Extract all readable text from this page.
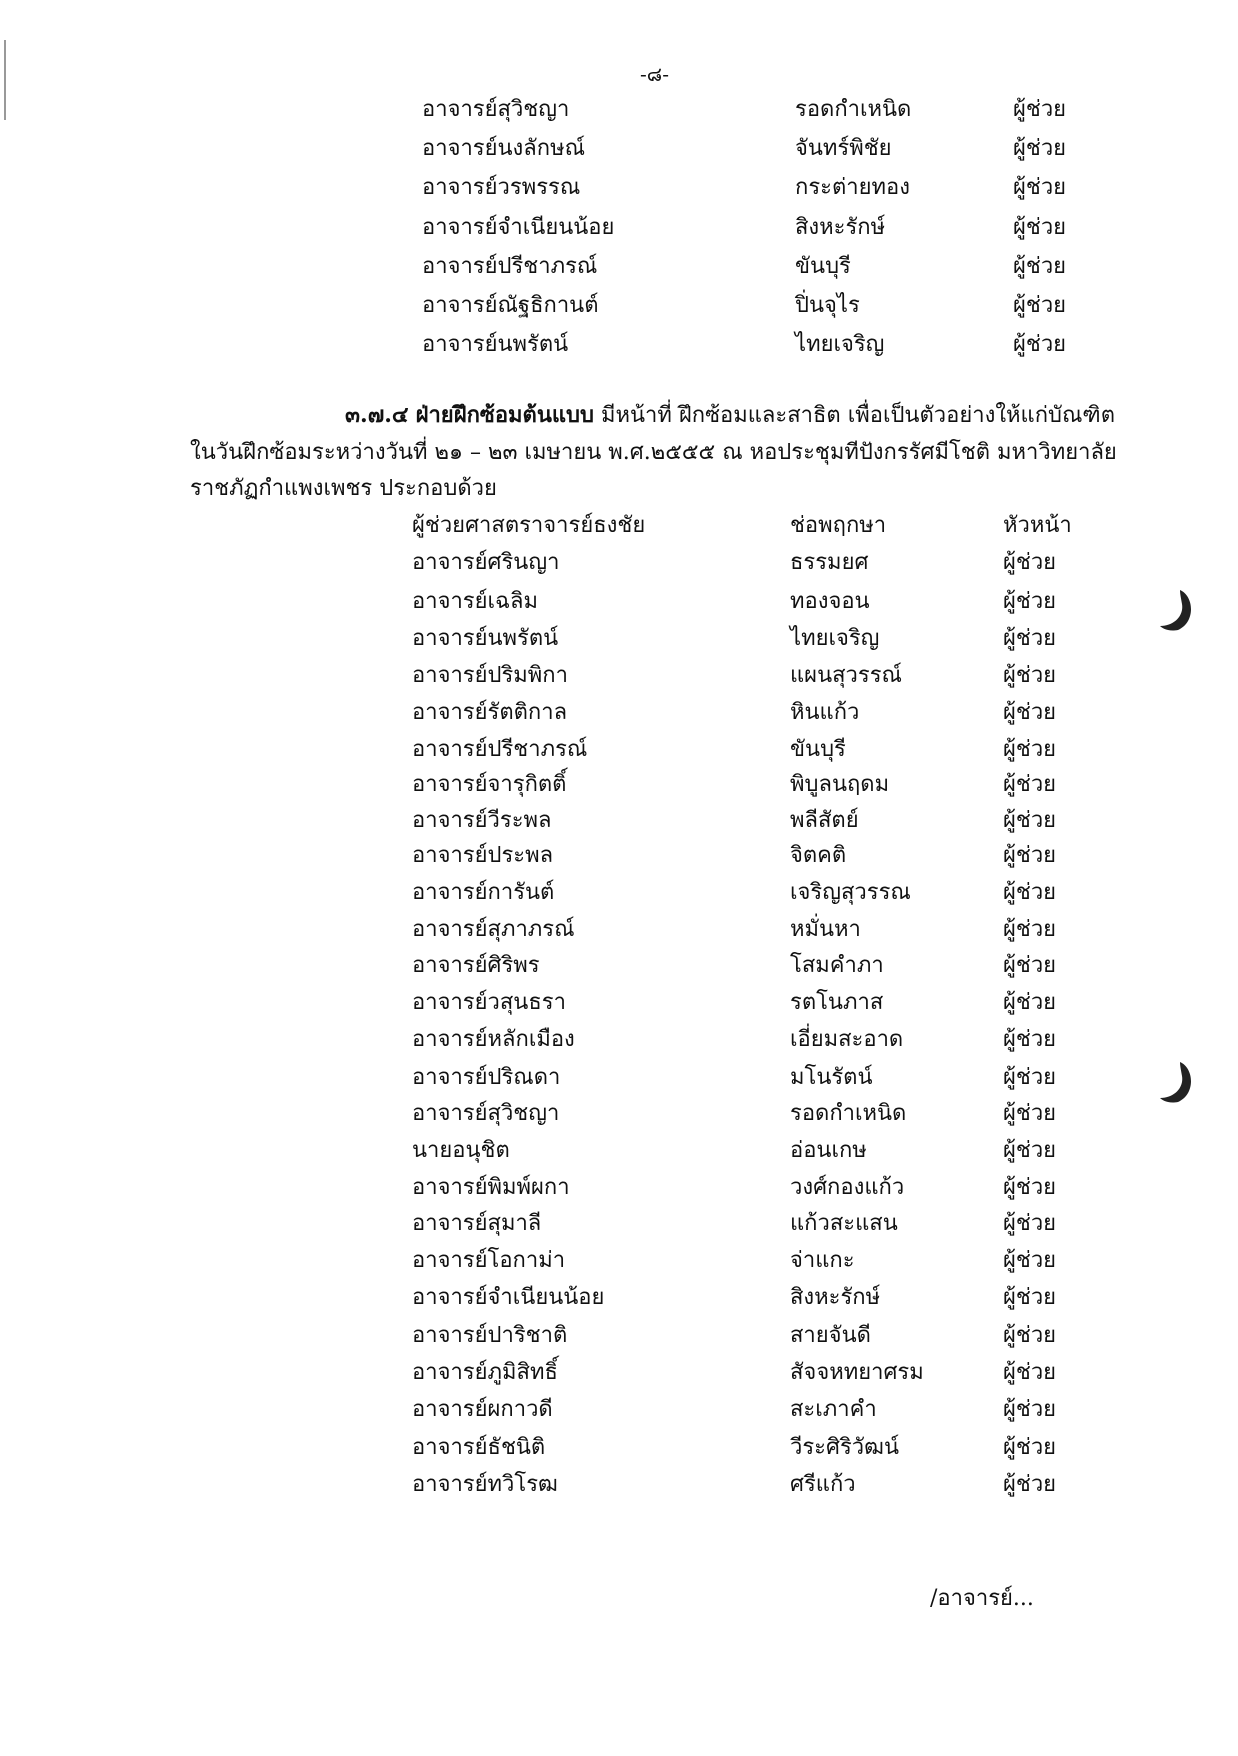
-๘-
อาจารย์สุวิชญา	รอดกำเหนิด	ผู้ช่วย
อาจารย์นงลักษณ์	จันทร์พิชัย	ผู้ช่วย
อาจารย์วรพรรณ	กระต่ายทอง	ผู้ช่วย
อาจารย์จำเนียนน้อย	สิงหะรักษ์	ผู้ช่วย
อาจารย์ปรีชาภรณ์	ขันบุรี	ผู้ช่วย
อาจารย์ณัฐธิกานต์	ปิ่นจุไร	ผู้ช่วย
อาจารย์นพรัตน์	ไทยเจริญ	ผู้ช่วย
๓.๗.๔ ฝ่ายฝึกซ้อมต้นแบบ มีหน้าที่ ฝึกซ้อมและสาธิต เพื่อเป็นตัวอย่างให้แก่บัณฑิต
ในวันฝึกซ้อมระหว่างวันที่ ๒๑ – ๒๓ เมษายน พ.ศ.๒๕๕๕ ณ หอประชุมทีปังกรรัศมีโชติ มหาวิทยาลัย
ราชภัฏกำแพงเพชร ประกอบด้วย
ผู้ช่วยศาสตราจารย์ธงชัย	ช่อพฤกษา	หัวหน้า
อาจารย์ศรินญา	ธรรมยศ	ผู้ช่วย
อาจารย์เฉลิม	ทองจอน	ผู้ช่วย
อาจารย์นพรัตน์	ไทยเจริญ	ผู้ช่วย
อาจารย์ปริมพิกา	แผนสุวรรณ์	ผู้ช่วย
อาจารย์รัตติกาล	หินแก้ว	ผู้ช่วย
อาจารย์ปรีชาภรณ์	ขันบุรี	ผู้ช่วย
อาจารย์จารุกิตติ์	พิบูลนฤดม	ผู้ช่วย
อาจารย์วีระพล	พลีสัตย์	ผู้ช่วย
อาจารย์ประพล	จิตคติ	ผู้ช่วย
อาจารย์การันต์	เจริญสุวรรณ	ผู้ช่วย
อาจารย์สุภาภรณ์	หมั่นหา	ผู้ช่วย
อาจารย์ศิริพร	โสมคำภา	ผู้ช่วย
อาจารย์วสุนธรา	รตโนภาส	ผู้ช่วย
อาจารย์หลักเมือง	เอี่ยมสะอาด	ผู้ช่วย
อาจารย์ปริณดา	มโนรัตน์	ผู้ช่วย
อาจารย์สุวิชญา	รอดกำเหนิด	ผู้ช่วย
นายอนุชิต	อ่อนเกษ	ผู้ช่วย
อาจารย์พิมพ์ผกา	วงศ์กองแก้ว	ผู้ช่วย
อาจารย์สุมาลี	แก้วสะแสน	ผู้ช่วย
อาจารย์โอกาม่า	จ่าแกะ	ผู้ช่วย
อาจารย์จำเนียนน้อย	สิงหะรักษ์	ผู้ช่วย
อาจารย์ปาริชาติ	สายจันดี	ผู้ช่วย
อาจารย์ภูมิสิทธิ์	สัจจหทยาศรม	ผู้ช่วย
อาจารย์ผกาวดี	สะเภาคำ	ผู้ช่วย
อาจารย์ธัชนิติ	วีระศิริวัฒน์	ผู้ช่วย
อาจารย์ทวิโรฒ	ศรีแก้ว	ผู้ช่วย
/อาจารย์...
